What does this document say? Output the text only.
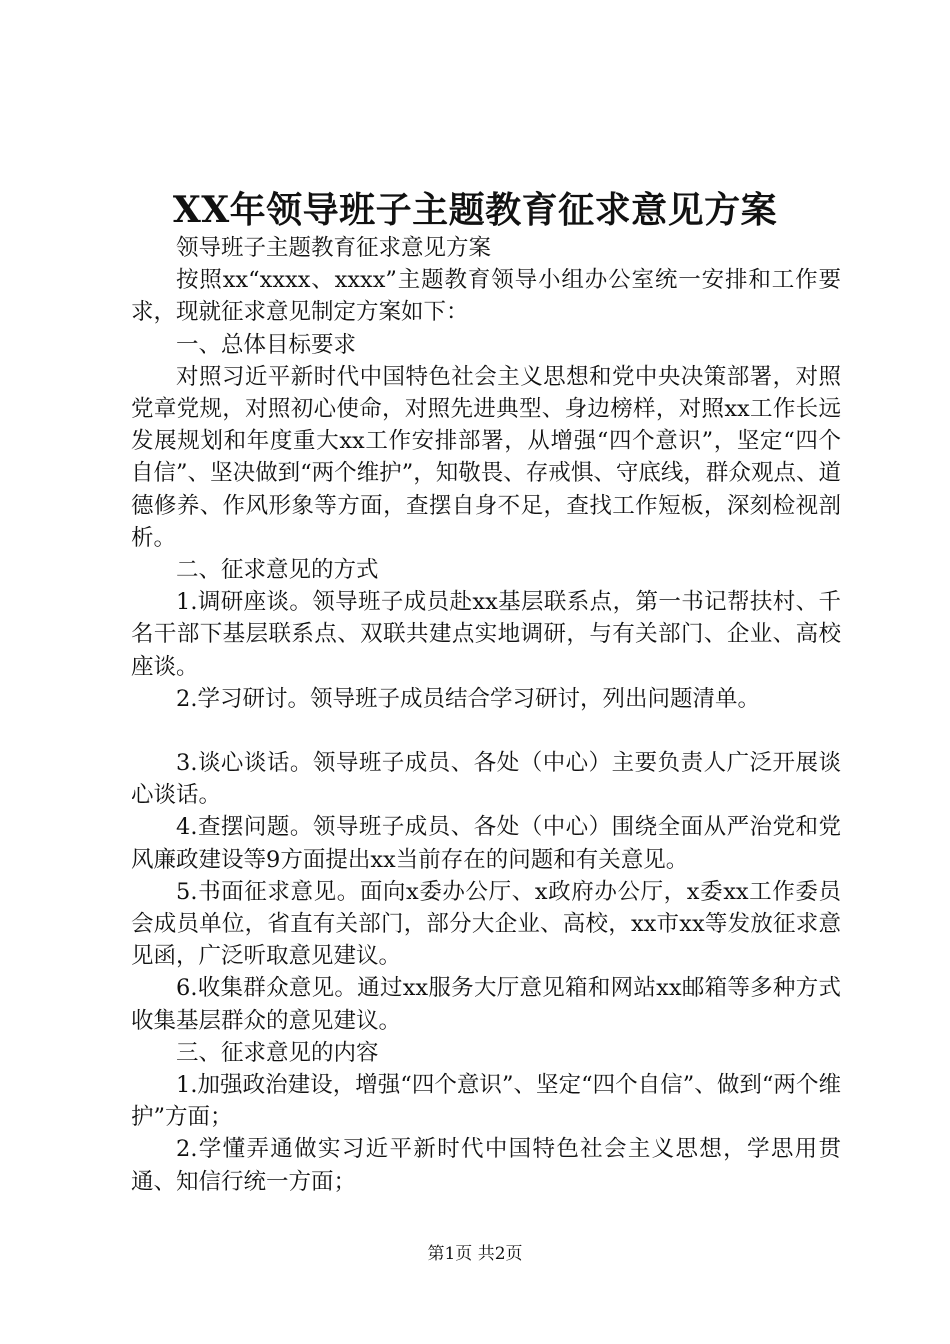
XX年领导班子主题教育征求意见方案

领导班子主题教育征求意见方案

按照xx“xxxx、xxxx”主题教育领导小组办公室统一安排和工作要求，现就征求意见制定方案如下：

一、总体目标要求

对照习近平新时代中国特色社会主义思想和党中央决策部署，对照党章党规，对照初心使命，对照先进典型、身边榜样，对照xx工作长远发展规划和年度重大xx工作安排部署，从增强“四个意识”，坚定“四个自信”、坚决做到“两个维护”，知敬畏、存戒惧、守底线，群众观点、道德修养、作风形象等方面，查摆自身不足，查找工作短板，深刻检视剖析。

二、征求意见的方式

1.调研座谈。领导班子成员赴xx基层联系点，第一书记帮扶村、千名干部下基层联系点、双联共建点实地调研，与有关部门、企业、高校座谈。

2.学习研讨。领导班子成员结合学习研讨，列出问题清单。

3.谈心谈话。领导班子成员、各处（中心）主要负责人广泛开展谈心谈话。

4.查摆问题。领导班子成员、各处（中心）围绕全面从严治党和党风廉政建设等9方面提出xx当前存在的问题和有关意见。

5.书面征求意见。面向x委办公厅、x政府办公厅，x委xx工作委员会成员单位，省直有关部门，部分大企业、高校，xx市xx等发放征求意见函，广泛听取意见建议。

6.收集群众意见。通过xx服务大厅意见箱和网站xx邮箱等多种方式收集基层群众的意见建议。

三、征求意见的内容

1.加强政治建设，增强“四个意识”、坚定“四个自信”、做到“两个维护”方面；

2.学懂弄通做实习近平新时代中国特色社会主义思想，学思用贯通、知信行统一方面；

第1页 共2页
